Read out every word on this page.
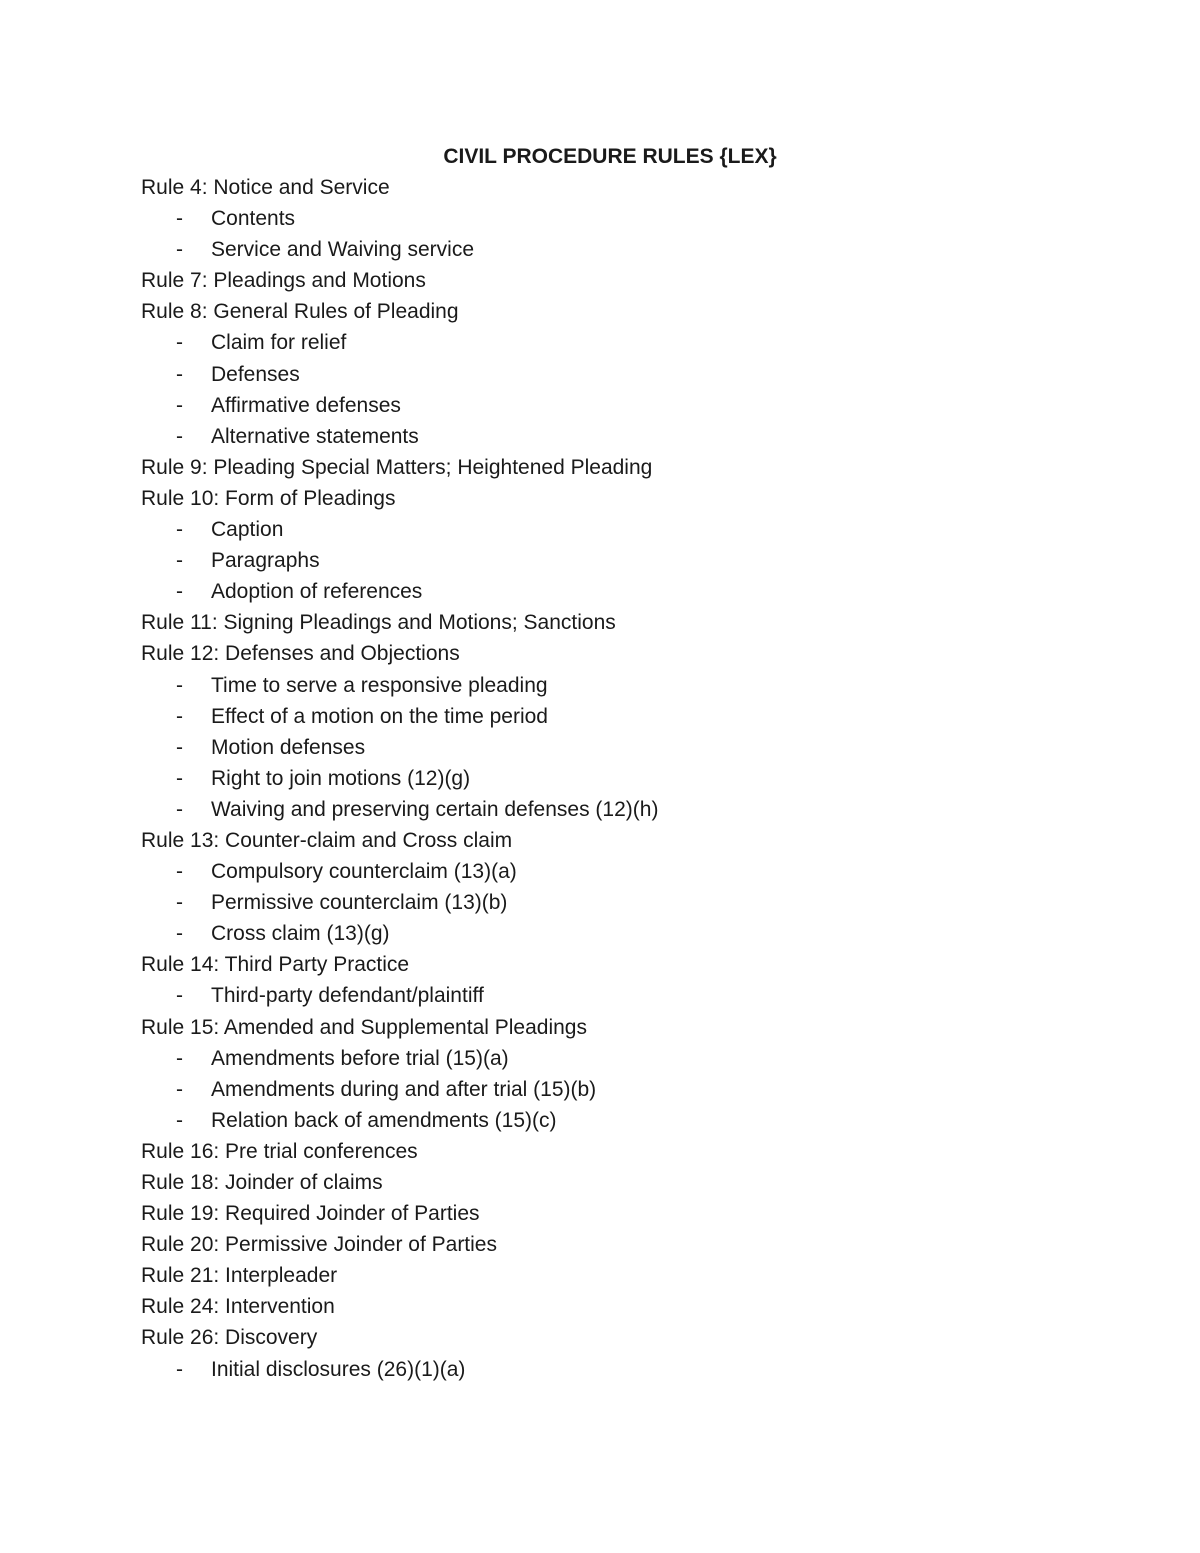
CIVIL PROCEDURE RULES {LEX}
Rule 4: Notice and Service
- Contents
- Service and Waiving service
Rule 7: Pleadings and Motions
Rule 8: General Rules of Pleading
- Claim for relief
- Defenses
- Affirmative defenses
- Alternative statements
Rule 9: Pleading Special Matters; Heightened Pleading
Rule 10: Form of Pleadings
- Caption
- Paragraphs
- Adoption of references
Rule 11: Signing Pleadings and Motions; Sanctions
Rule 12: Defenses and Objections
- Time to serve a responsive pleading
- Effect of a motion on the time period
- Motion defenses
- Right to join motions (12)(g)
- Waiving and preserving certain defenses (12)(h)
Rule 13: Counter-claim and Cross claim
- Compulsory counterclaim (13)(a)
- Permissive counterclaim (13)(b)
- Cross claim (13)(g)
Rule 14: Third Party Practice
- Third-party defendant/plaintiff
Rule 15: Amended and Supplemental Pleadings
- Amendments before trial (15)(a)
- Amendments during and after trial (15)(b)
- Relation back of amendments (15)(c)
Rule 16: Pre trial conferences
Rule 18: Joinder of claims
Rule 19: Required Joinder of Parties
Rule 20: Permissive Joinder of Parties
Rule 21: Interpleader
Rule 24: Intervention
Rule 26: Discovery
- Initial disclosures (26)(1)(a)
